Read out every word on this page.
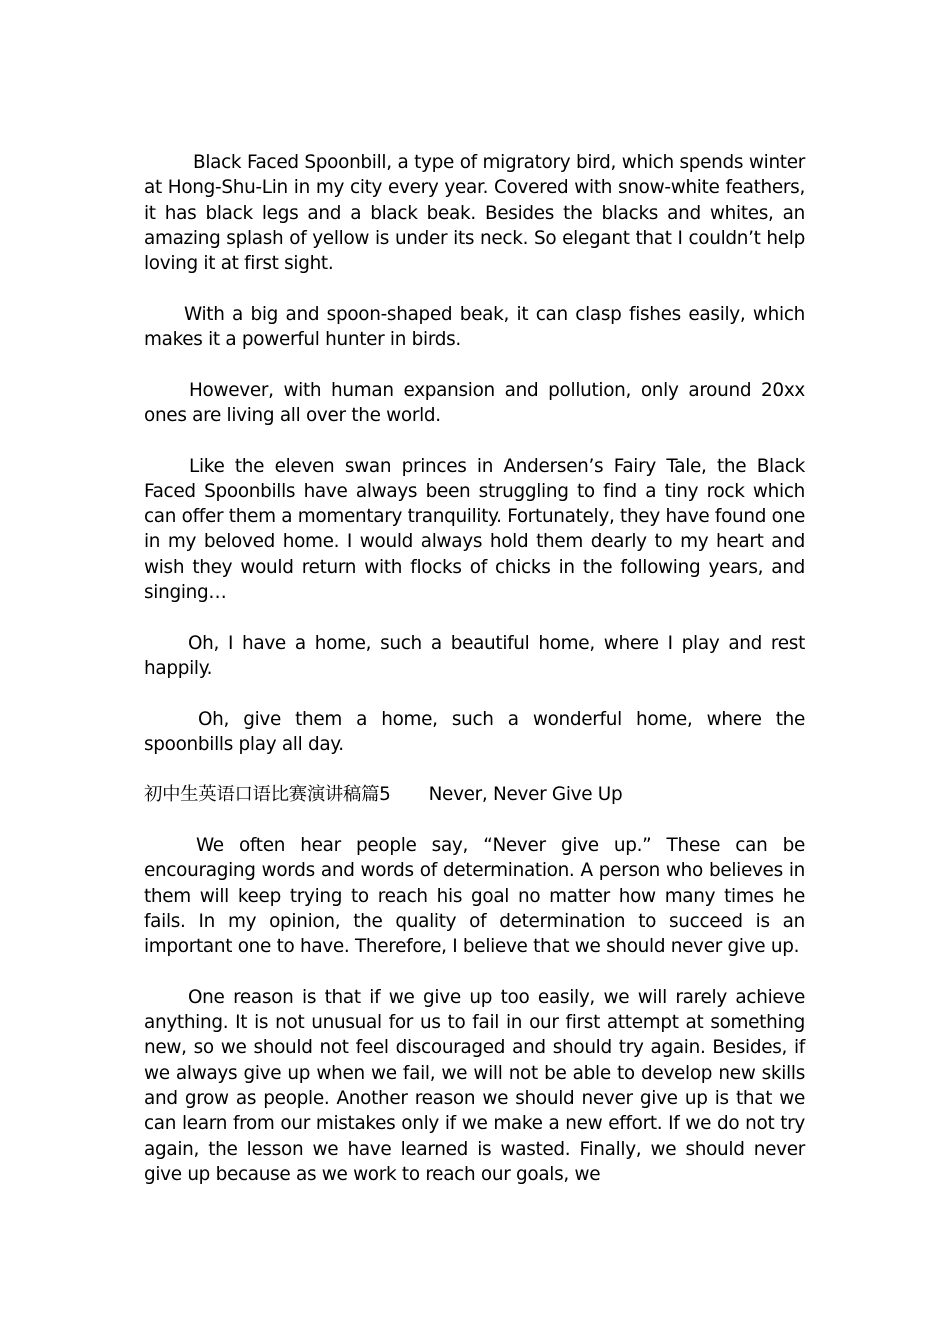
Black Faced Spoonbill, a type of migratory bird, which spends winter at Hong-Shu-Lin in my city every year. Covered with snow-white feathers, it has black legs and a black beak. Besides the blacks and whites, an amazing splash of yellow is under its neck. So elegant that I couldn’t help loving it at first sight.

With a big and spoon-shaped beak, it can clasp fishes easily, which makes it a powerful hunter in birds.

However, with human expansion and pollution, only around 20xx ones are living all over the world.

Like the eleven swan princes in Andersen’s Fairy Tale, the Black Faced Spoonbills have always been struggling to find a tiny rock which can offer them a momentary tranquility. Fortunately, they have found one in my beloved home. I would always hold them dearly to my heart and wish they would return with flocks of chicks in the following years, and singing…

Oh, I have a home, such a beautiful home, where I play and rest happily.

Oh, give them a home, such a wonderful home, where the spoonbills play all day.

初中生英语口语比赛演讲稿篇5 Never, Never Give Up

We often hear people say, “Never give up.” These can be encouraging words and words of determination. A person who believes in them will keep trying to reach his goal no matter how many times he fails. In my opinion, the quality of determination to succeed is an important one to have. Therefore, I believe that we should never give up.

One reason is that if we give up too easily, we will rarely achieve anything. It is not unusual for us to fail in our first attempt at something new, so we should not feel discouraged and should try again. Besides, if we always give up when we fail, we will not be able to develop new skills and grow as people. Another reason we should never give up is that we can learn from our mistakes only if we make a new effort. If we do not try again, the lesson we have learned is wasted. Finally, we should never give up because as we work to reach our goals, we
